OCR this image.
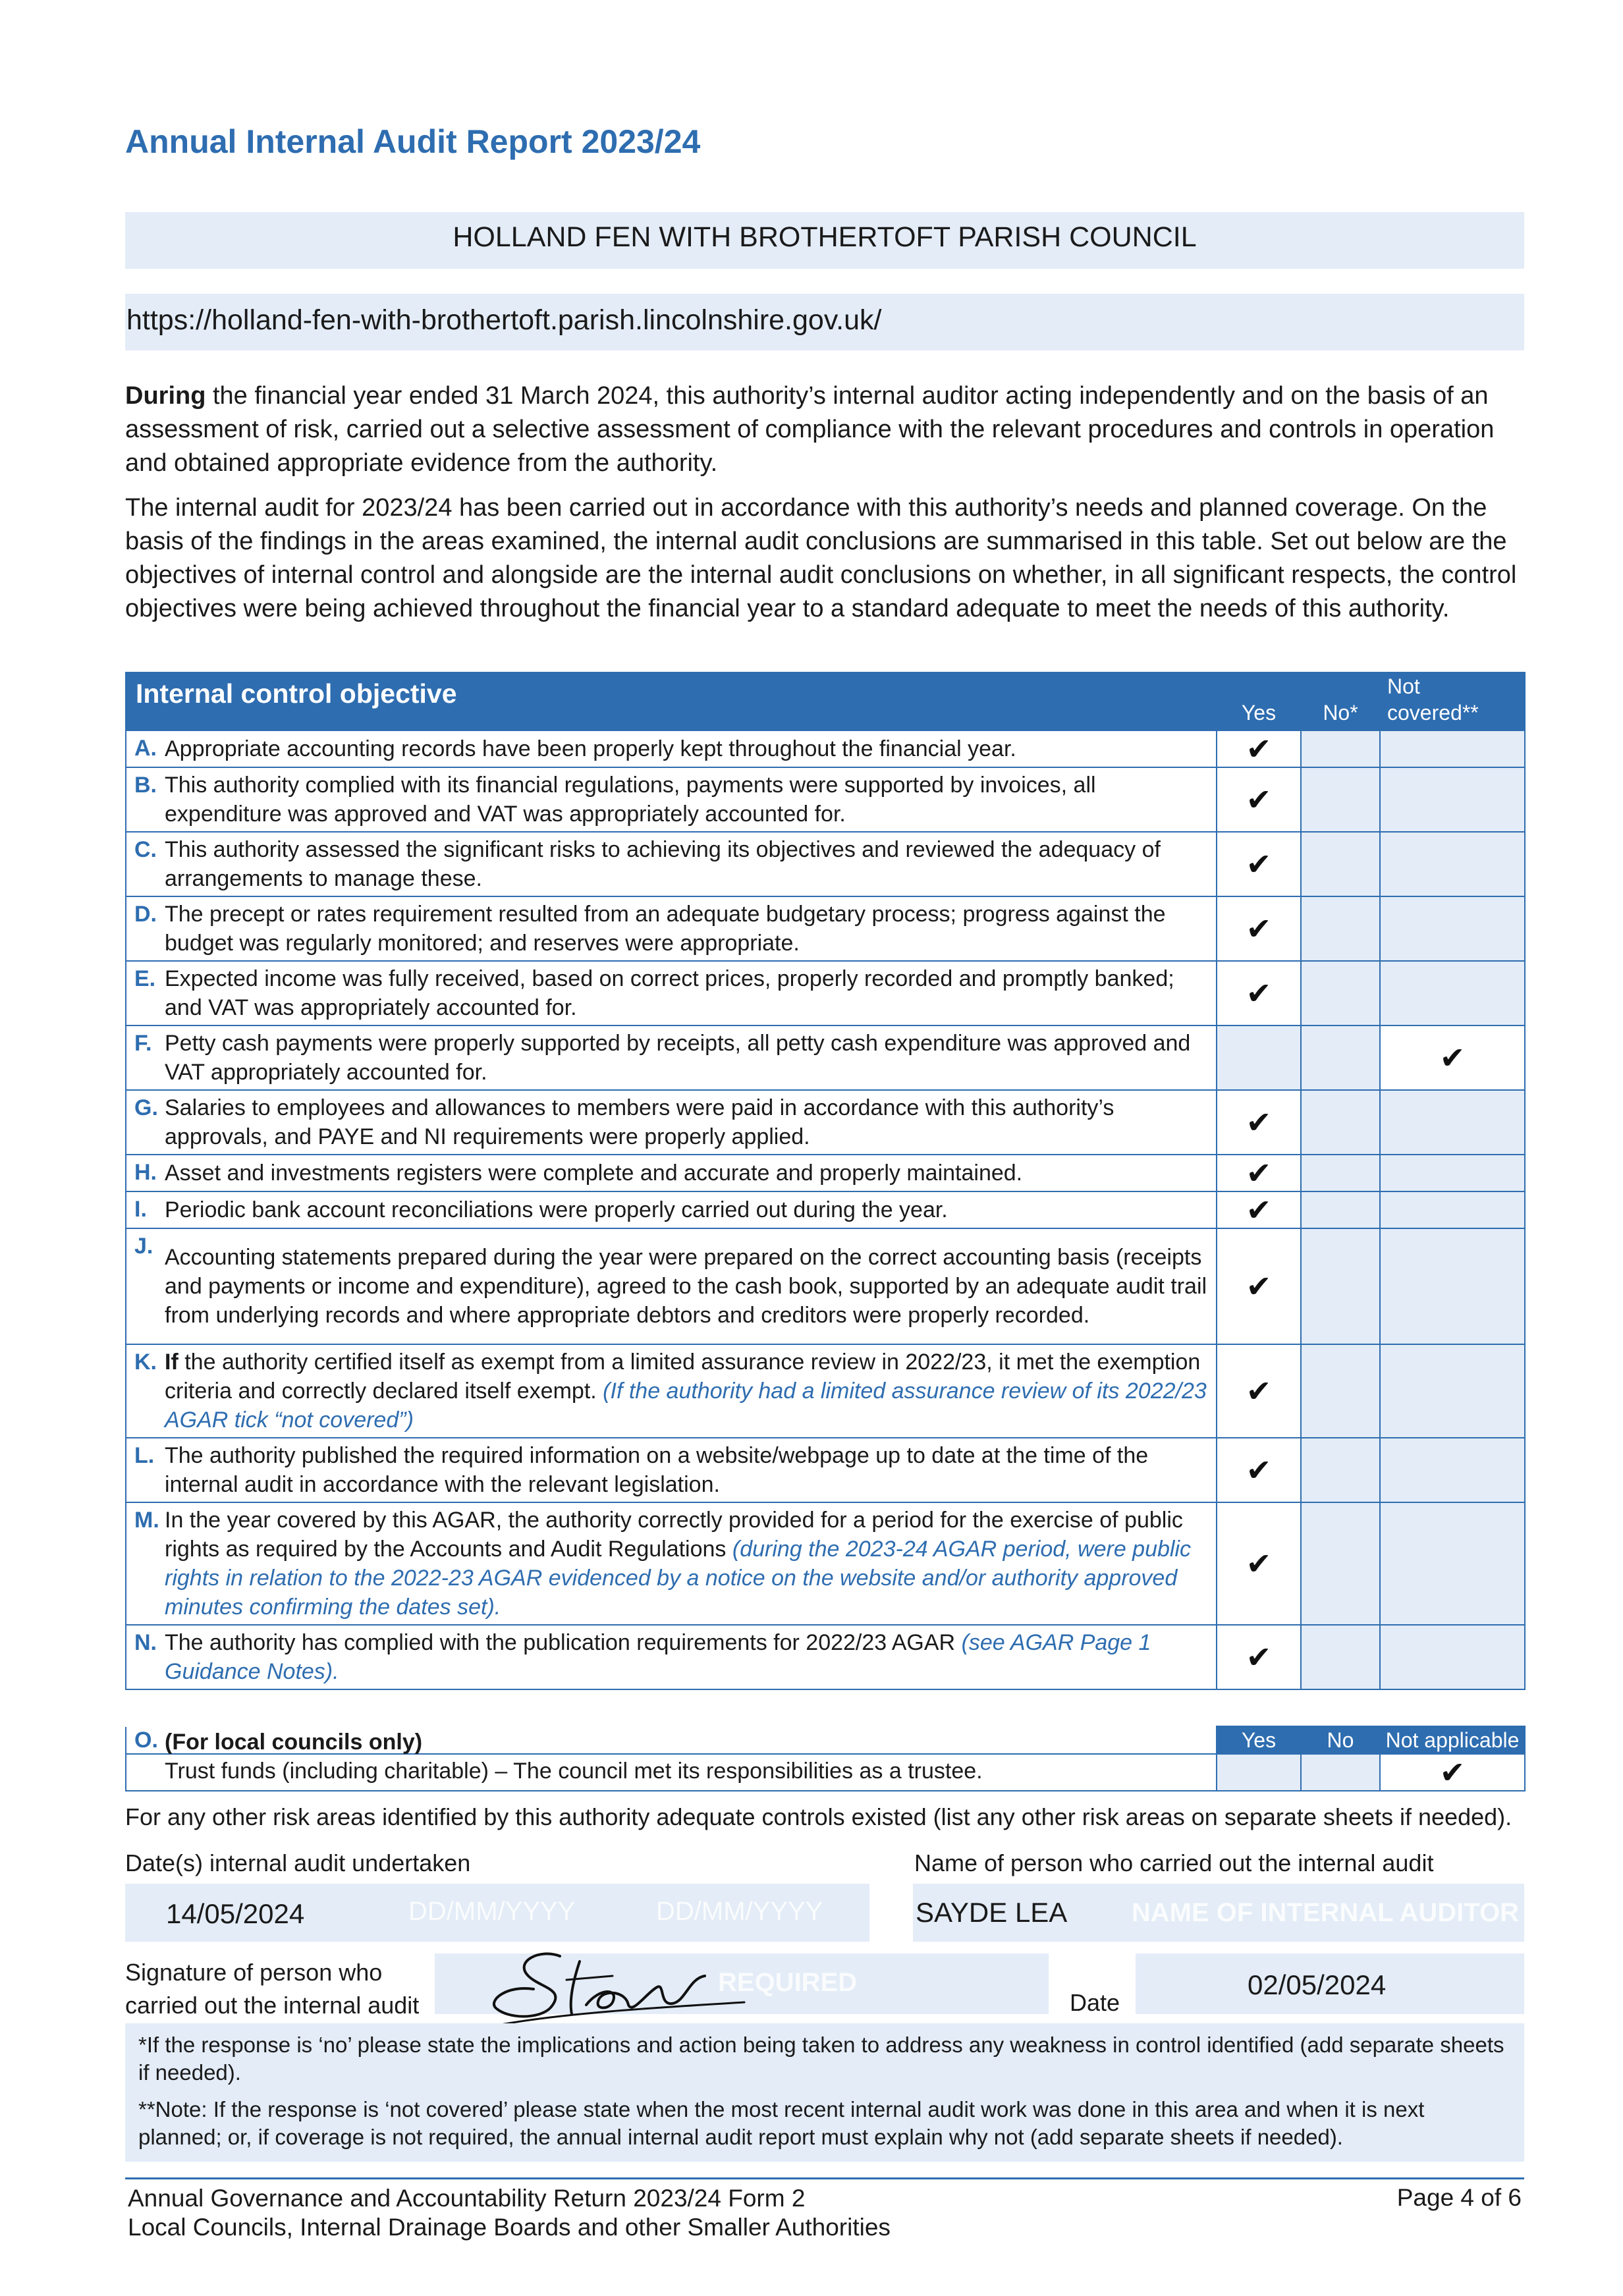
Annual Internal Audit Report 2023/24
HOLLAND FEN WITH BROTHERTOFT PARISH COUNCIL
https://holland-fen-with-brothertoft.parish.lincolnshire.gov.uk/
During the financial year ended 31 March 2024, this authority’s internal auditor acting independently and on the basis of an assessment of risk, carried out a selective assessment of compliance with the relevant procedures and controls in operation and obtained appropriate evidence from the authority.
The internal audit for 2023/24 has been carried out in accordance with this authority’s needs and planned coverage. On the basis of the findings in the areas examined, the internal audit conclusions are summarised in this table. Set out below are the objectives of internal control and alongside are the internal audit conclusions on whether, in all significant respects, the control objectives were being achieved throughout the financial year to a standard adequate to meet the needs of this authority.
Internal control objective	Yes	No*	Not
covered**

A. Appropriate accounting records have been properly kept throughout the financial year.	✔		

B. This authority complied with its financial regulations, payments were supported by invoices, all expenditure was approved and VAT was appropriately accounted for.	✔		

C. This authority assessed the significant risks to achieving its objectives and reviewed the adequacy of arrangements to manage these.	✔		

D. The precept or rates requirement resulted from an adequate budgetary process; progress against the budget was regularly monitored; and reserves were appropriate.	✔		

E. Expected income was fully received, based on correct prices, properly recorded and promptly banked; and VAT was appropriately accounted for.	✔		

F. Petty cash payments were properly supported by receipts, all petty cash expenditure was approved and VAT appropriately accounted for.			✔

G. Salaries to employees and allowances to members were paid in accordance with this authority’s approvals, and PAYE and NI requirements were properly applied.	✔		

H. Asset and investments registers were complete and accurate and properly maintained.	✔		

I. Periodic bank account reconciliations were properly carried out during the year.	✔		

J. Accounting statements prepared during the year were prepared on the correct accounting basis (receipts and payments or income and expenditure), agreed to the cash book, supported by an adequate audit trail from underlying records and where appropriate debtors and creditors were properly recorded.	✔		

K. If the authority certified itself as exempt from a limited assurance review in 2022/23, it met the exemption criteria and correctly declared itself exempt. (If the authority had a limited assurance review of its 2022/23 AGAR tick “not covered”)	✔		

L. The authority published the required information on a website/webpage up to date at the time of the internal audit in accordance with the relevant legislation.	✔		

M. In the year covered by this AGAR, the authority correctly provided for a period for the exercise of public rights as required by the Accounts and Audit Regulations (during the 2023-24 AGAR period, were public rights in relation to the 2022-23 AGAR evidenced by a notice on the website and/or authority approved minutes confirming the dates set).	✔		

N. The authority has complied with the publication requirements for 2022/23 AGAR (see AGAR Page 1 Guidance Notes).	✔		
	Yes	No	Not applicable

O.
Trust funds (including charitable) – The council met its responsibilities as a trustee.			✔
(For local councils only)
For any other risk areas identified by this authority adequate controls existed (list any other risk areas on separate sheets if needed).
Date(s) internal audit undertaken	Name of person who carried out the internal audit
DD/MM/YYYY	DD/MM/YYYY
14/05/2024	SAYDE LEA NAME OF INTERNAL AUDITOR
Signature of person who
carried out the internal audit
REQUIRED
Date
02/05/2024
*If the response is ‘no’ please state the implications and action being taken to address any weakness in control identified (add separate sheets if needed).
**Note: If the response is ‘not covered’ please state when the most recent internal audit work was done in this area and when it is next planned; or, if coverage is not required, the annual internal audit report must explain why not (add separate sheets if needed).
Annual Governance and Accountability Return 2023/24 Form 2
Local Councils, Internal Drainage Boards and other Smaller Authorities
Page 4 of 6
